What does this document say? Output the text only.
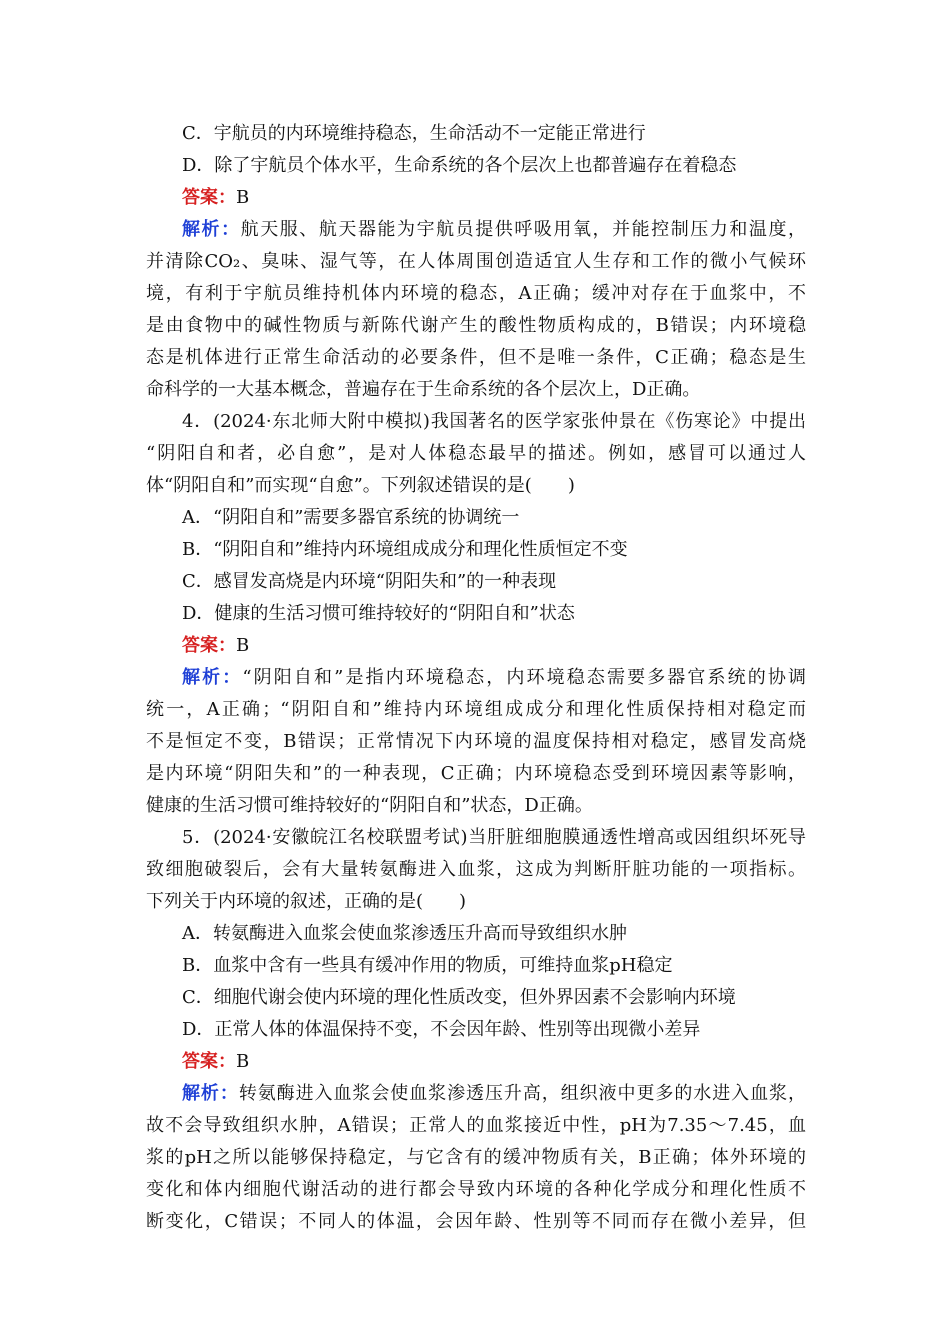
C．宇航员的内环境维持稳态，生命活动不一定能正常进行
D．除了宇航员个体水平，生命系统的各个层次上也都普遍存在着稳态
答案：B
解析：航天服、航天器能为宇航员提供呼吸用氧，并能控制压力和温度，
并清除CO₂、臭味、湿气等，在人体周围创造适宜人生存和工作的微小气候环
境，有利于宇航员维持机体内环境的稳态，A正确；缓冲对存在于血浆中，不
是由食物中的碱性物质与新陈代谢产生的酸性物质构成的，B错误；内环境稳
态是机体进行正常生命活动的必要条件，但不是唯一条件，C正确；稳态是生
命科学的一大基本概念，普遍存在于生命系统的各个层次上，D正确。
4．(2024·东北师大附中模拟)我国著名的医学家张仲景在《伤寒论》中提出
“阴阳自和者，必自愈”，是对人体稳态最早的描述。例如，感冒可以通过人
体“阴阳自和”而实现“自愈”。下列叙述错误的是(　　)
A．“阴阳自和”需要多器官系统的协调统一
B．“阴阳自和”维持内环境组成成分和理化性质恒定不变
C．感冒发高烧是内环境“阴阳失和”的一种表现
D．健康的生活习惯可维持较好的“阴阳自和”状态
答案：B
解析：“阴阳自和”是指内环境稳态，内环境稳态需要多器官系统的协调
统一，A正确；“阴阳自和”维持内环境组成成分和理化性质保持相对稳定而
不是恒定不变，B错误；正常情况下内环境的温度保持相对稳定，感冒发高烧
是内环境“阴阳失和”的一种表现，C正确；内环境稳态受到环境因素等影响，
健康的生活习惯可维持较好的“阴阳自和”状态，D正确。
5．(2024·安徽皖江名校联盟考试)当肝脏细胞膜通透性增高或因组织坏死导
致细胞破裂后，会有大量转氨酶进入血浆，这成为判断肝脏功能的一项指标。
下列关于内环境的叙述，正确的是(　　)
A．转氨酶进入血浆会使血浆渗透压升高而导致组织水肿
B．血浆中含有一些具有缓冲作用的物质，可维持血浆pH稳定
C．细胞代谢会使内环境的理化性质改变，但外界因素不会影响内环境
D．正常人体的体温保持不变，不会因年龄、性别等出现微小差异
答案：B
解析：转氨酶进入血浆会使血浆渗透压升高，组织液中更多的水进入血浆，
故不会导致组织水肿，A错误；正常人的血浆接近中性，pH为7.35～7.45，血
浆的pH之所以能够保持稳定，与它含有的缓冲物质有关，B正确；体外环境的
变化和体内细胞代谢活动的进行都会导致内环境的各种化学成分和理化性质不
断变化，C错误；不同人的体温，会因年龄、性别等不同而存在微小差异，但
